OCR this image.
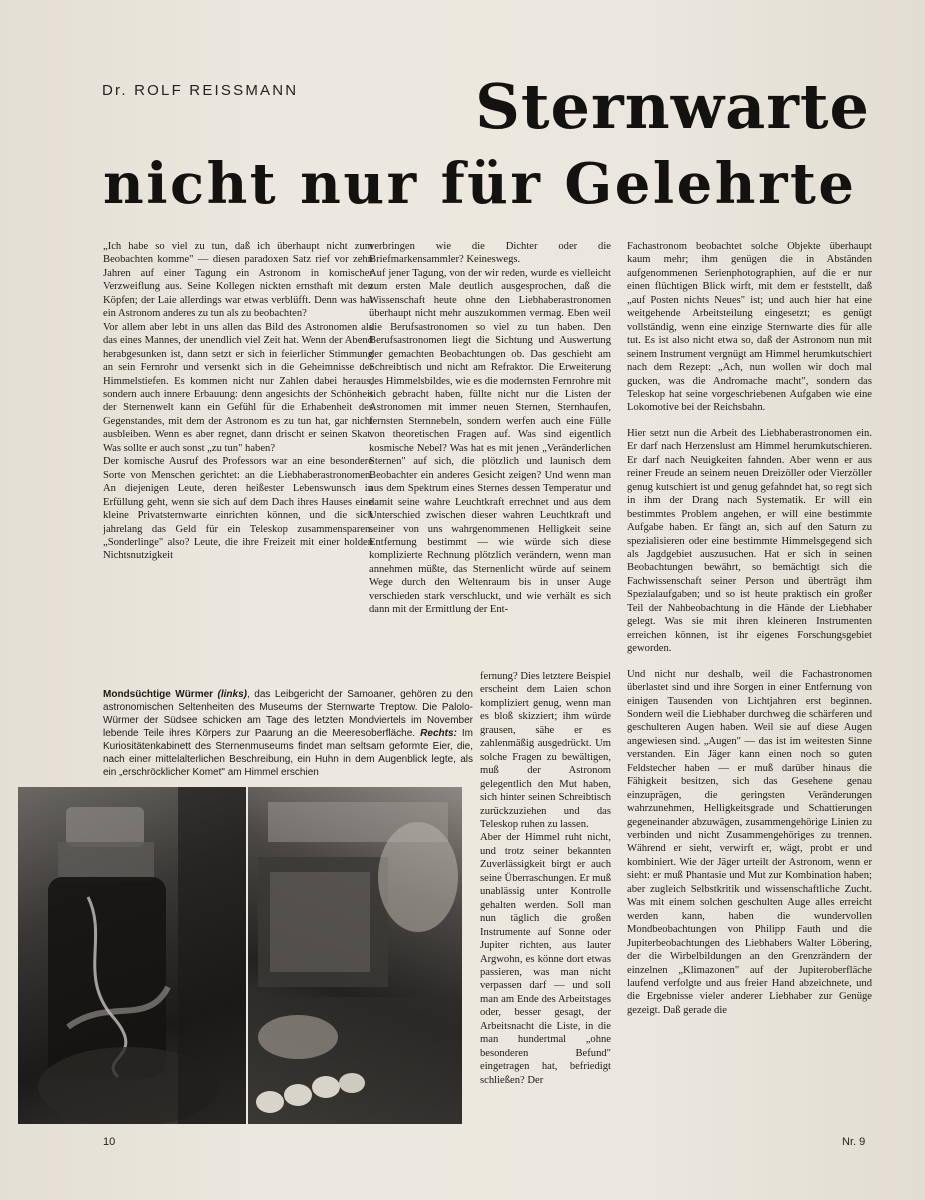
Dr. ROLF REISSMANN	Sternwarte
nicht nur für Gelehrte

„Ich habe so viel zu tun, daß ich überhaupt nicht zum Beobachten komme" — diesen paradoxen Satz rief vor zehn Jahren auf einer Tagung ein Astronom in komischer Verzweiflung aus. Seine Kollegen nickten ernsthaft mit den Köpfen; der Laie allerdings war etwas verblüfft. Denn was hat ein Astronom anderes zu tun als zu beobachten?

Vor allem aber lebt in uns allen das Bild des Astronomen als das eines Mannes, der unendlich viel Zeit hat. Wenn der Abend herabgesunken ist, dann setzt er sich in feierlicher Stimmung an sein Fernrohr und versenkt sich in die Geheimnisse der Himmelstiefen. Es kommen nicht nur Zahlen dabei heraus, sondern auch innere Erbauung: denn angesichts der Schönheit der Sternenwelt kann ein Gefühl für die Erhabenheit des Gegenstandes, mit dem der Astronom es zu tun hat, gar nicht ausbleiben. Wenn es aber regnet, dann drischt er seinen Skat. Was sollte er auch sonst „zu tun" haben?

Der komische Ausruf des Professors war an eine besondere Sorte von Menschen gerichtet: an die Liebhaberastronomen. An diejenigen Leute, deren heißester Lebenswunsch in Erfüllung geht, wenn sie sich auf dem Dach ihres Hauses eine kleine Privatsternwarte einrichten können, und die sich jahrelang das Geld für ein Teleskop zusammensparen. „Sonderlinge" also? Leute, die ihre Freizeit mit einer holden Nichtsnutzigkeit

verbringen wie die Dichter oder die Briefmarkensammler? Keineswegs.

Auf jener Tagung, von der wir reden, wurde es vielleicht zum ersten Male deutlich ausgesprochen, daß die Wissenschaft heute ohne den Liebhaberastronomen überhaupt nicht mehr auszukommen vermag. Eben weil die Berufsastronomen so viel zu tun haben. Den Berufsastronomen liegt die Sichtung und Auswertung der gemachten Beobachtungen ob. Das geschieht am Schreibtisch und nicht am Refraktor. Die Erweiterung des Himmelsbildes, wie es die modernsten Fernrohre mit sich gebracht haben, füllte nicht nur die Listen der Astronomen mit immer neuen Sternen, Sternhaufen, fernsten Sternnebeln, sondern werfen auch eine Fülle von theoretischen Fragen auf. Was sind eigentlich kosmische Nebel? Was hat es mit jenen „Veränderlichen Sternen" auf sich, die plötzlich und launisch dem Beobachter ein anderes Gesicht zeigen? Und wenn man aus dem Spektrum eines Sternes dessen Temperatur und damit seine wahre Leuchtkraft errechnet und aus dem Unterschied zwischen dieser wahren Leuchtkraft und seiner von uns wahrgenommenen Helligkeit seine Entfernung bestimmt — wie würde sich diese komplizierte Rechnung plötzlich verändern, wenn man annehmen müßte, das Sternenlicht würde auf seinem Wege durch den Weltenraum bis in unser Auge verschieden stark verschluckt, und wie verhält es sich dann mit der Ermittlung der Ent-

fernung? Dies letztere Beispiel erscheint dem Laien schon kompliziert genug, wenn man es bloß skizziert; ihm würde grausen, sähe er es zahlenmäßig ausgedrückt. Um solche Fragen zu bewältigen, muß der Astronom gelegentlich den Mut haben, sich hinter seinen Schreibtisch zurückzuziehen und das Teleskop ruhen zu lassen.

Aber der Himmel ruht nicht, und trotz seiner bekannten Zuverlässigkeit birgt er auch seine Überraschungen. Er muß unablässig unter Kontrolle gehalten werden. Soll man nun täglich die großen Instrumente auf Sonne oder Jupiter richten, aus lauter Argwohn, es könne dort etwas passieren, was man nicht verpassen darf — und soll man am Ende des Arbeitstages oder, besser gesagt, der Arbeitsnacht die Liste, in die man hundertmal „ohne besonderen Befund" eingetragen hat, befriedigt schließen? Der

Fachastronom beobachtet solche Objekte überhaupt kaum mehr; ihm genügen die in Abständen aufgenommenen Serienphotographien, auf die er nur einen flüchtigen Blick wirft, mit dem er feststellt, daß „auf Posten nichts Neues" ist; und auch hier hat eine weitgehende Arbeitsteilung eingesetzt; es genügt vollständig, wenn eine einzige Sternwarte dies für alle tut. Es ist also nicht etwa so, daß der Astronom nun mit seinem Instrument vergnügt am Himmel herumkutschiert nach dem Rezept: „Ach, nun wollen wir doch mal gucken, was die Andromache macht", sondern das Teleskop hat seine vorgeschriebenen Aufgaben wie eine Lokomotive bei der Reichsbahn.

Hier setzt nun die Arbeit des Liebhaberastronomen ein. Er darf nach Herzenslust am Himmel herumkutschieren. Er darf nach Neuigkeiten fahnden. Aber wenn er aus reiner Freude an seinem neuen Dreizöller oder Vierzöller genug kutschiert ist und genug gefahndet hat, so regt sich in ihm der Drang nach Systematik. Er will ein bestimmtes Problem angehen, er will eine bestimmte Aufgabe haben. Er fängt an, sich auf den Saturn zu spezialisieren oder eine bestimmte Himmelsgegend sich als Jagdgebiet auszusuchen. Hat er sich in seinen Beobachtungen bewährt, so bemächtigt sich die Fachwissenschaft seiner Person und überträgt ihm Spezialaufgaben; und so ist heute praktisch ein großer Teil der Nahbeobachtung in die Hände der Liebhaber gelegt. Was sie mit ihren kleineren Instrumenten erreichen können, ist ihr eigenes Forschungsgebiet geworden.

Und nicht nur deshalb, weil die Fachastronomen überlastet sind und ihre Sorgen in einer Entfernung von einigen Tausenden von Lichtjahren erst beginnen. Sondern weil die Liebhaber durchweg die schärferen und geschulteren Augen haben. Weil sie auf diese Augen angewiesen sind. „Augen" — das ist im weitesten Sinne verstanden. Ein Jäger kann einen noch so guten Feldstecher haben — er muß darüber hinaus die Fähigkeit besitzen, sich das Gesehene genau einzuprägen, die geringsten Veränderungen wahrzunehmen, Helligkeitsgrade und Schattierungen gegeneinander abzuwägen, zusammengehörige Linien zu verbinden und nicht Zusammengehöriges zu trennen. Während er sieht, verwirft er, wägt, probt er und kombiniert. Wie der Jäger urteilt der Astronom, wenn er sieht: er muß Phantasie und Mut zur Kombination haben; aber zugleich Selbstkritik und wissenschaftliche Zucht. Was mit einem solchen geschulten Auge alles erreicht werden kann, haben die wundervollen Mondbeobachtungen von Philipp Fauth und die Jupiterbeobachtungen des Liebhabers Walter Löbering, der die Wirbelbildungen an den Grenzrändern der einzelnen „Klimazonen" auf der Jupiteroberfläche laufend verfolgte und aus freier Hand abzeichnete, und die Ergebnisse vieler anderer Liebhaber zur Genüge gezeigt. Daß gerade die

Mondsüchtige Würmer (links), das Leibgericht der Samoaner, gehören zu den astronomischen Seltenheiten des Museums der Sternwarte Treptow. Die Palolo-Würmer der Südsee schicken am Tage des letzten Mondviertels im November lebende Teile ihres Körpers zur Paarung an die Meeresoberfläche. Rechts: Im Kuriositätenkabinett des Sternenmuseums findet man seltsam geformte Eier, die, nach einer mittelalterlichen Beschreibung, ein Huhn in dem Augenblick legte, als ein „erschröcklicher Komet" am Himmel erschien
10	Nr. 9
